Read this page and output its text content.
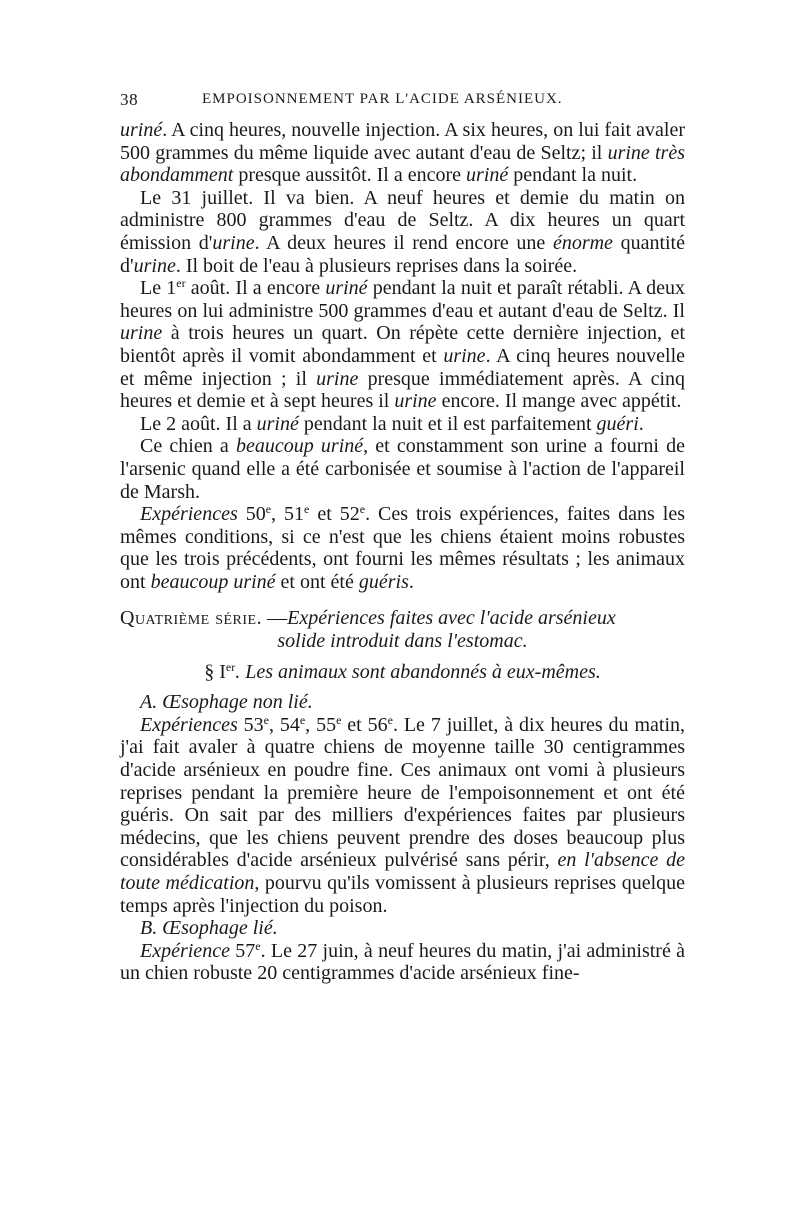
38	EMPOISONNEMENT PAR L'ACIDE ARSÉNIEUX.

uriné. A cinq heures, nouvelle injection. A six heures, on lui fait avaler 500 grammes du même liquide avec autant d'eau de Seltz; il urine très abondamment presque aussitôt. Il a encore uriné pendant la nuit.

Le 31 juillet. Il va bien. A neuf heures et demie du matin on administre 800 grammes d'eau de Seltz. A dix heures un quart émission d'urine. A deux heures il rend encore une énorme quantité d'urine. Il boit de l'eau à plusieurs reprises dans la soirée.

Le 1er août. Il a encore uriné pendant la nuit et paraît rétabli. A deux heures on lui administre 500 grammes d'eau et autant d'eau de Seltz. Il urine à trois heures un quart. On répète cette dernière injection, et bientôt après il vomit abondamment et urine. A cinq heures nouvelle et même injection ; il urine presque immédiatement après. A cinq heures et demie et à sept heures il urine encore. Il mange avec appétit.

Le 2 août. Il a uriné pendant la nuit et il est parfaitement guéri.

Ce chien a beaucoup uriné, et constamment son urine a fourni de l'arsenic quand elle a été carbonisée et soumise à l'action de l'appareil de Marsh.

Expériences 50e, 51e et 52e. Ces trois expériences, faites dans les mêmes conditions, si ce n'est que les chiens étaient moins robustes que les trois précédents, ont fourni les mêmes résultats ; les animaux ont beaucoup uriné et ont été guéris.

Quatrième série. —Expériences faites avec l'acide arsénieux

solide introduit dans l'estomac.

§ Ier. Les animaux sont abandonnés à eux-mêmes.

A. Œsophage non lié.

Expériences 53e, 54e, 55e et 56e. Le 7 juillet, à dix heures du matin, j'ai fait avaler à quatre chiens de moyenne taille 30 centigrammes d'acide arsénieux en poudre fine. Ces animaux ont vomi à plusieurs reprises pendant la première heure de l'empoisonnement et ont été guéris. On sait par des milliers d'expériences faites par plusieurs médecins, que les chiens peuvent prendre des doses beaucoup plus considérables d'acide arsénieux pulvérisé sans périr, en l'absence de toute médication, pourvu qu'ils vomissent à plusieurs reprises quelque temps après l'injection du poison.

B. Œsophage lié.

Expérience 57e. Le 27 juin, à neuf heures du matin, j'ai administré à un chien robuste 20 centigrammes d'acide arsénieux fine-
